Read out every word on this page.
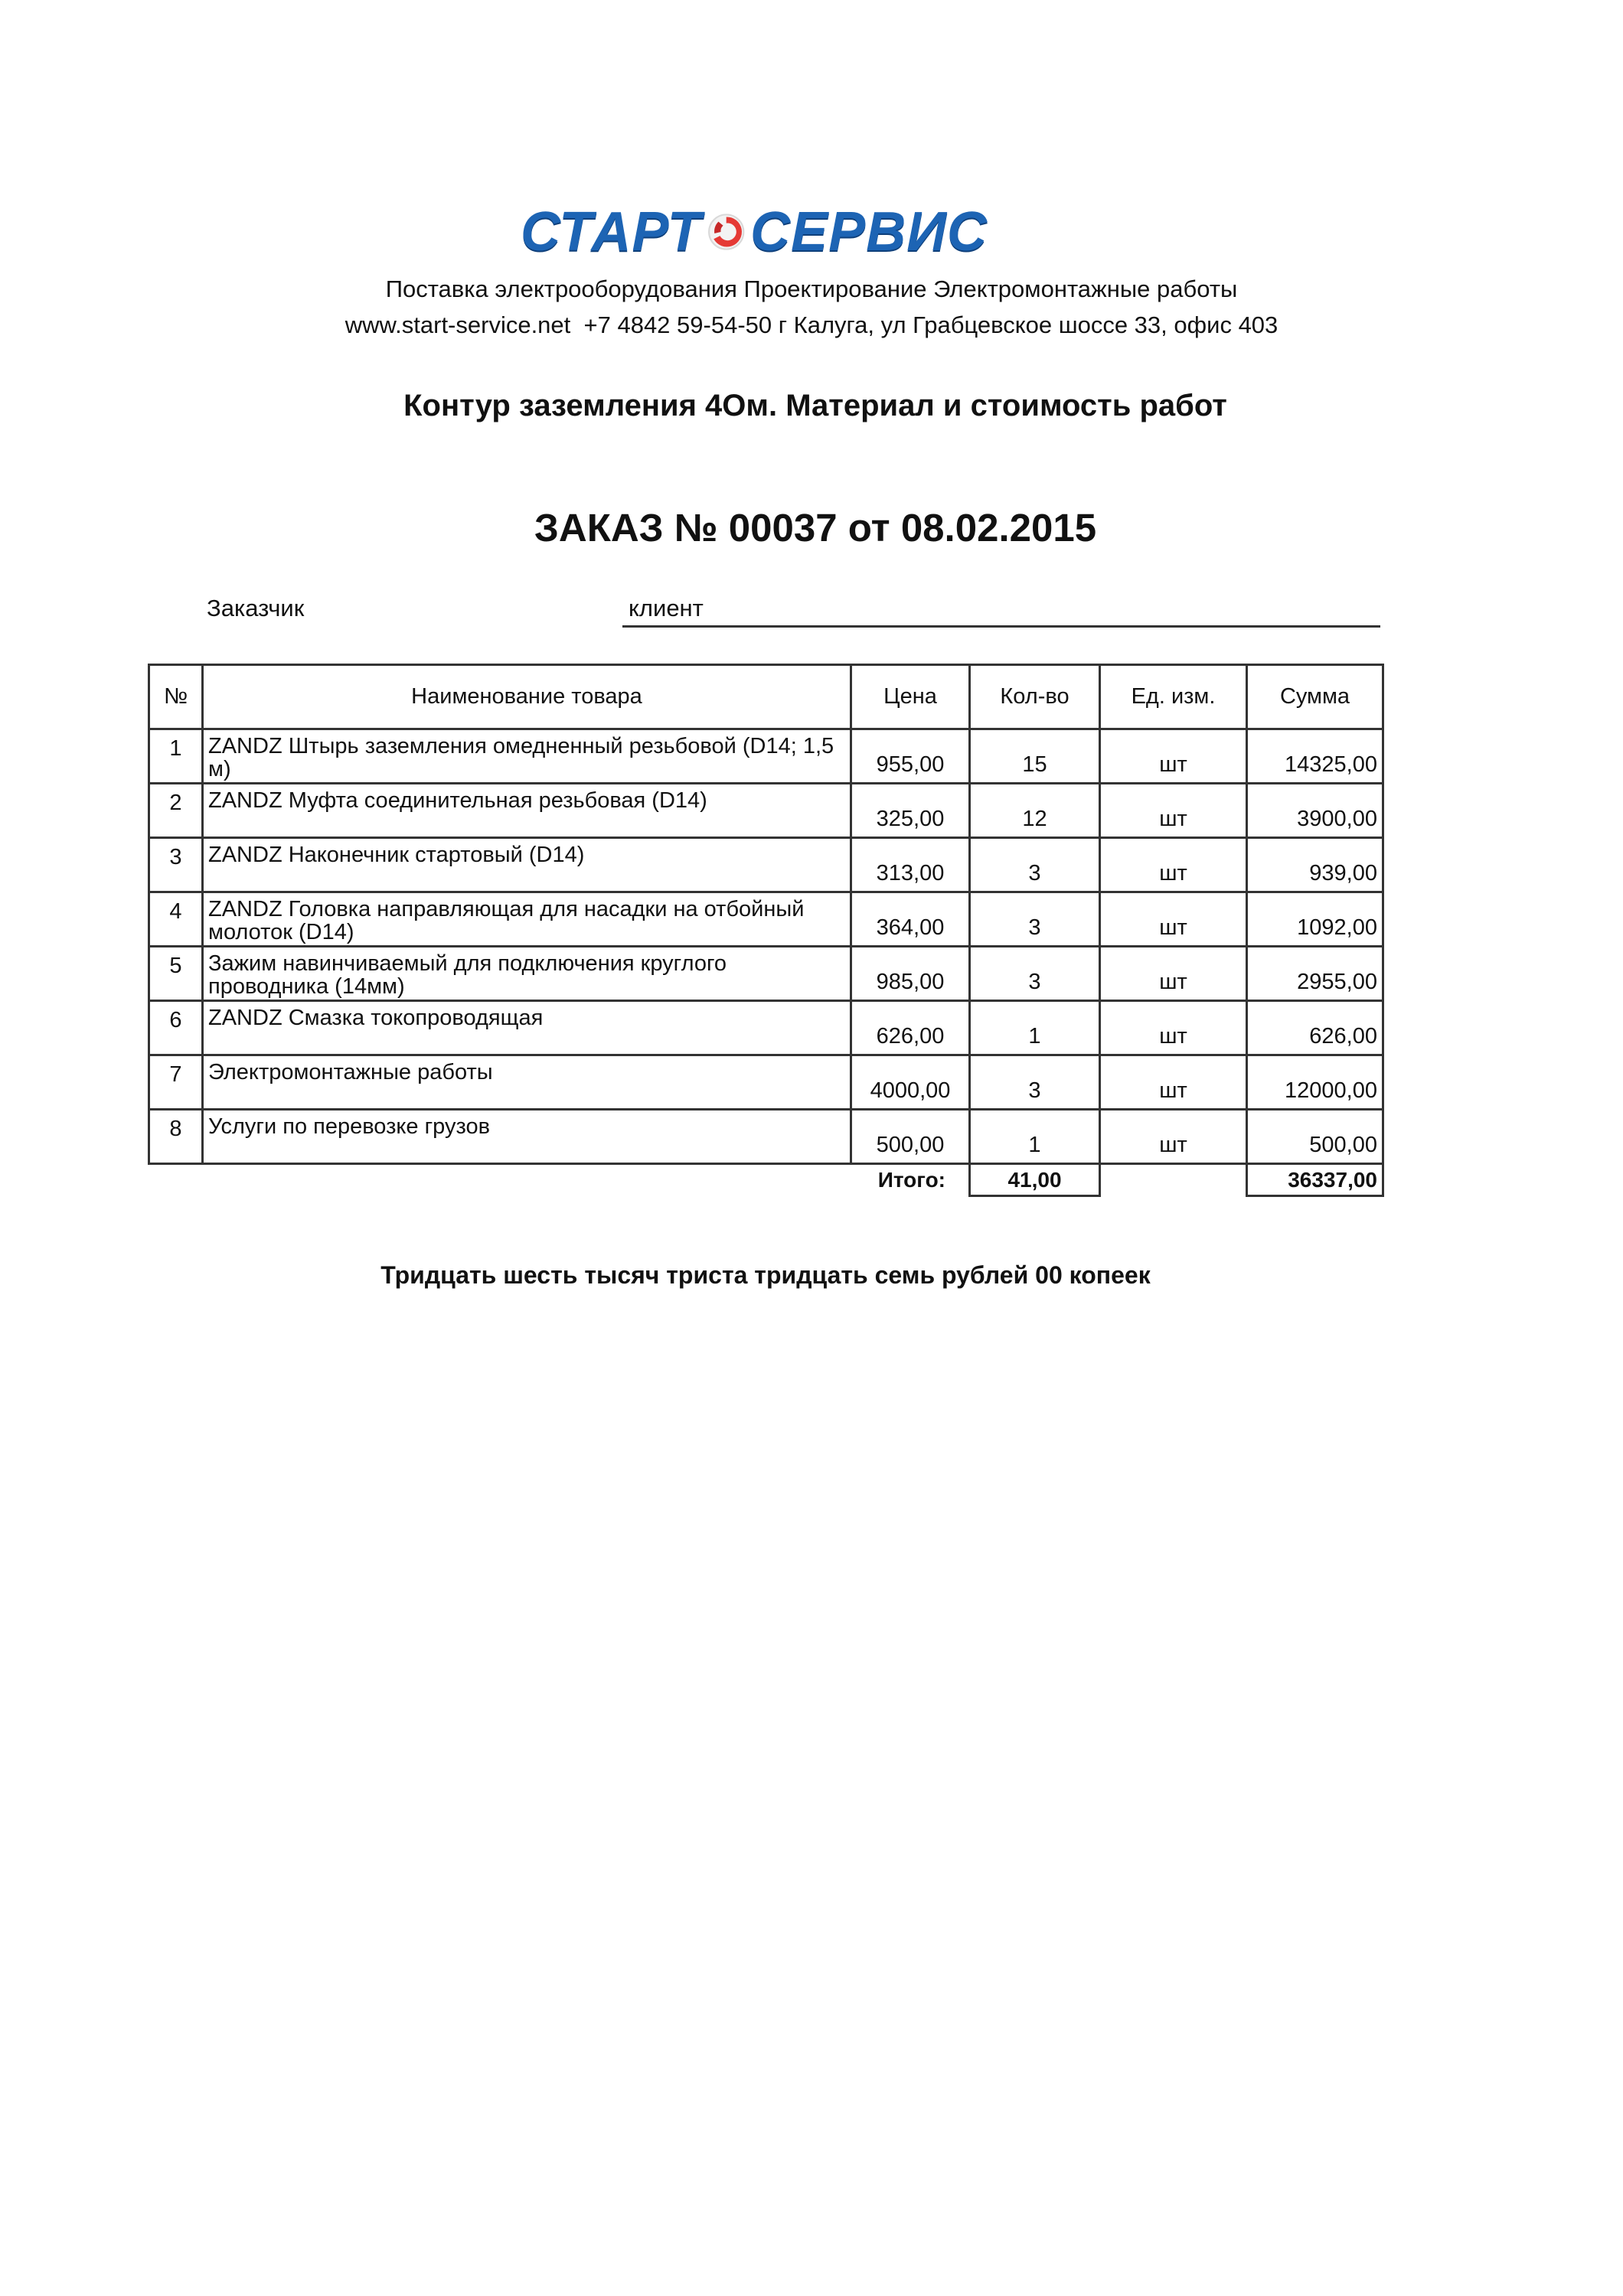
СТАРТ СЕРВИС
Поставка электрооборудования Проектирование Электромонтажные работы
www.start-service.net  +7 4842 59-54-50 г Калуга, ул Грабцевское шоссе 33, офис 403
Контур заземления 4Ом. Материал и стоимость работ
ЗАКАЗ № 00037 от 08.02.2015
Заказчик	клиент
№	Наименование товара	Цена	Кол-во	Ед. изм.	Сумма
1	ZANDZ Штырь заземления омедненный резьбовой (D14; 1,5 м)	955,00	15	шт	14325,00
2	ZANDZ Муфта соединительная резьбовая (D14)	325,00	12	шт	3900,00
3	ZANDZ Наконечник стартовый (D14)	313,00	3	шт	939,00
4	ZANDZ Головка направляющая для насадки на отбойный молоток (D14)	364,00	3	шт	1092,00
5	Зажим навинчиваемый для подключения круглого проводника (14мм)	985,00	3	шт	2955,00
6	ZANDZ Смазка токопроводящая	626,00	1	шт	626,00
7	Электромонтажные работы	4000,00	3	шт	12000,00
8	Услуги по перевозке грузов	500,00	1	шт	500,00
	Итого:		41,00		36337,00
Тридцать шесть тысяч триста тридцать семь рублей 00 копеек
